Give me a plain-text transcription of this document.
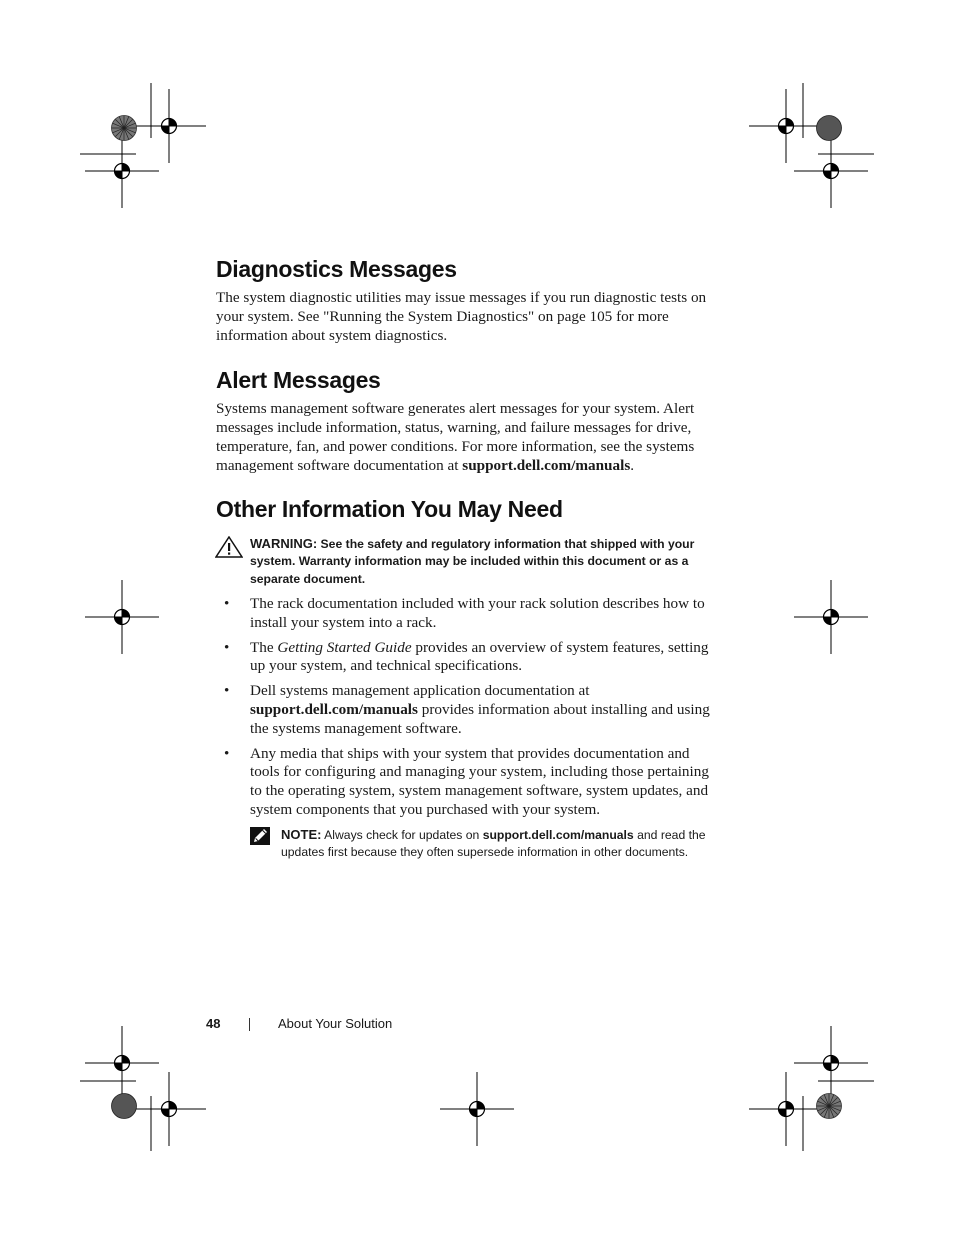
Diagnostics Messages

The system diagnostic utilities may issue messages if you run diagnostic tests on your system. See "Running the System Diagnostics" on page 105 for more information about system diagnostics.

Alert Messages

Systems management software generates alert messages for your system. Alert messages include information, status, warning, and failure messages for drive, temperature, fan, and power conditions. For more information, see the systems management software documentation at support.dell.com/manuals.

Other Information You May Need
WARNING: See the safety and regulatory information that shipped with your system. Warranty information may be included within this document or as a separate document.
• The rack documentation included with your rack solution describes how to install your system into a rack.
• The Getting Started Guide provides an overview of system features, setting up your system, and technical specifications.
• Dell systems management application documentation at support.dell.com/manuals provides information about installing and using the systems management software.
• Any media that ships with your system that provides documentation and tools for configuring and managing your system, including those pertaining to the operating system, system management software, system updates, and system components that you purchased with your system.
NOTE: Always check for updates on support.dell.com/manuals and read the updates first because they often supersede information in other documents.
48	About Your Solution
